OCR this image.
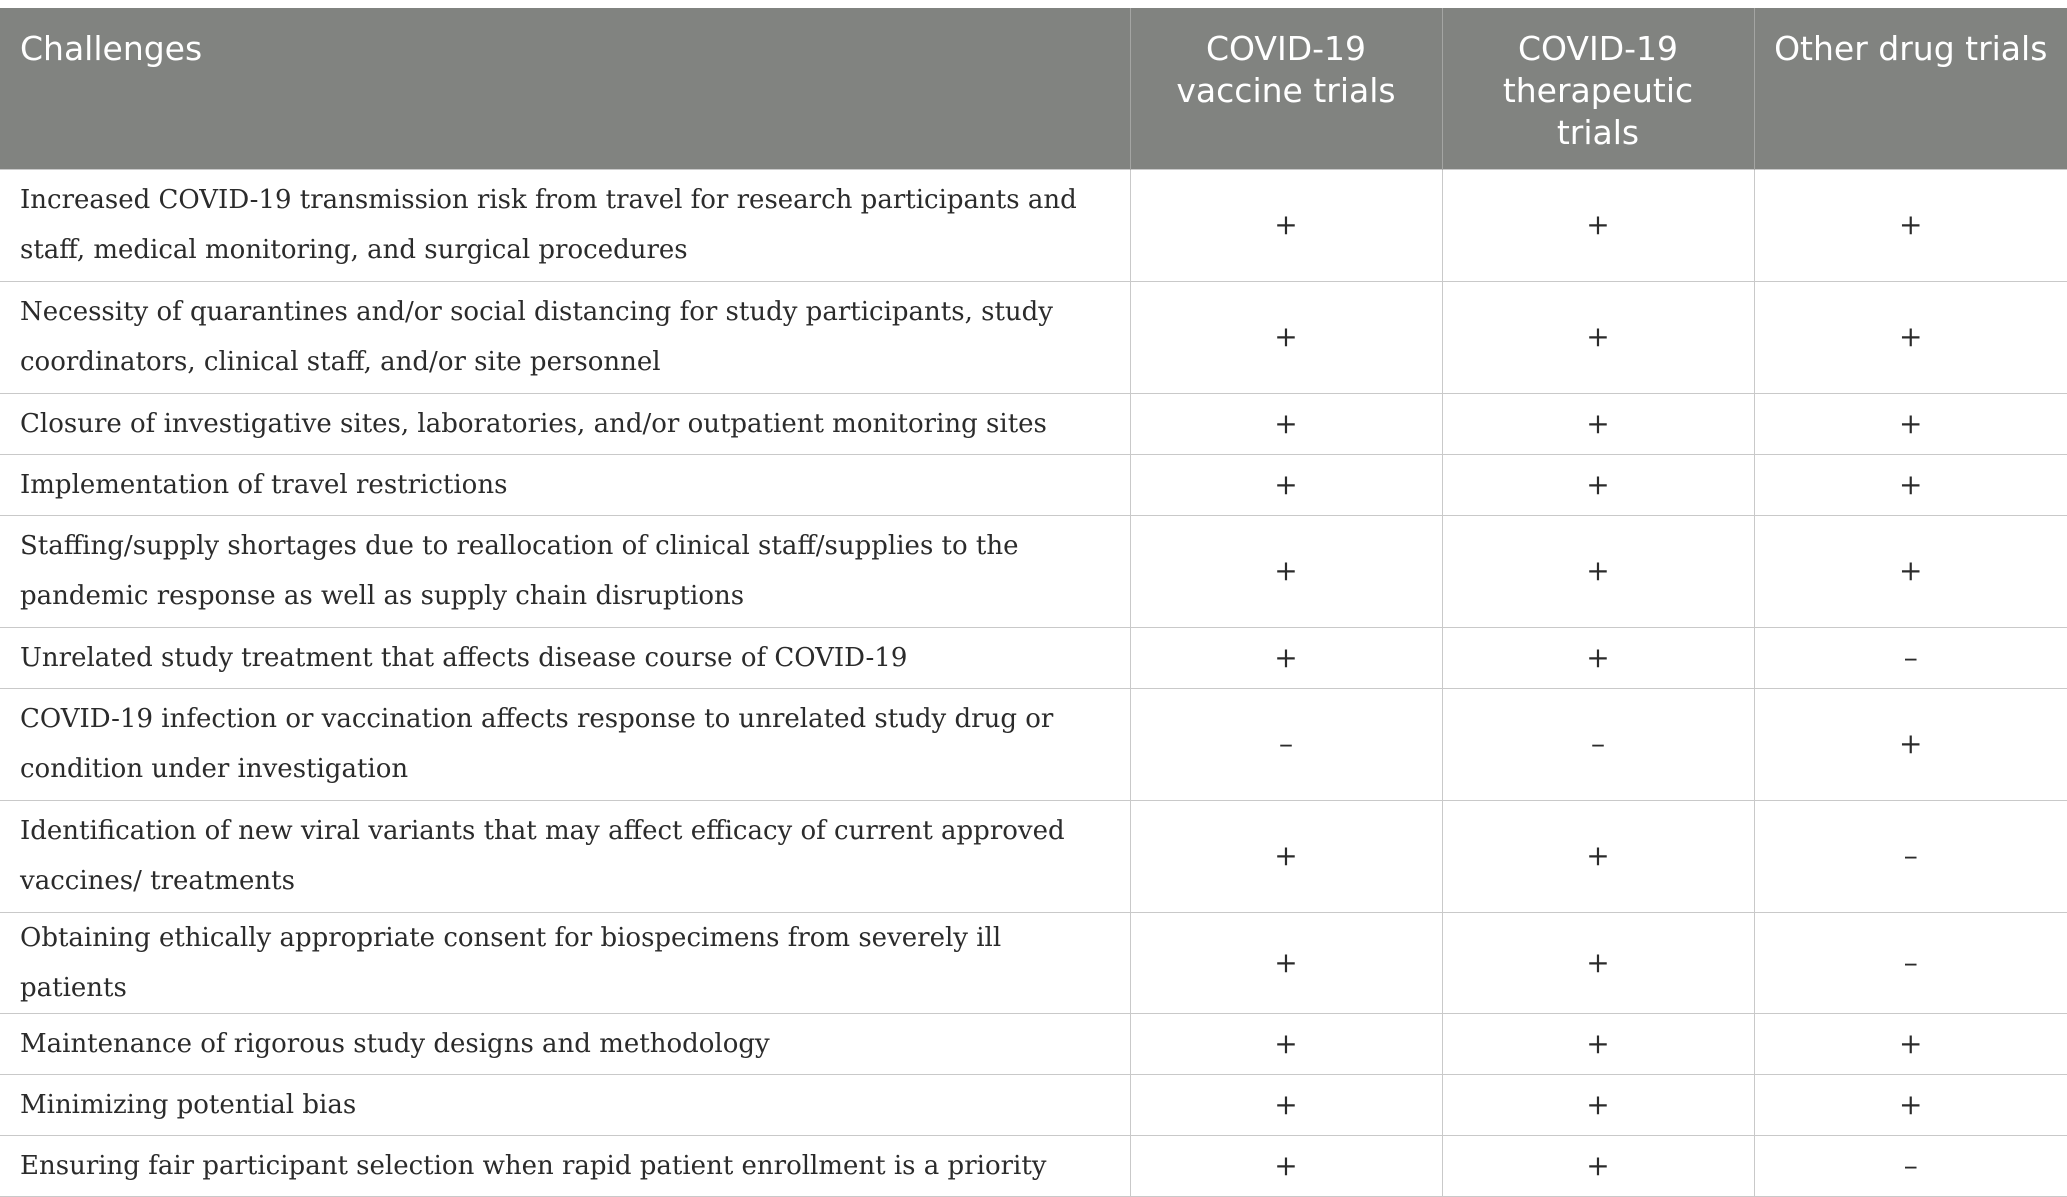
Challenges	COVID-19 vaccine trials	COVID-19 therapeutic trials	Other drug trials
Increased COVID-19 transmission risk from travel for research participants and staff, medical monitoring, and surgical procedures	+	+	+
Necessity of quarantines and/or social distancing for study participants, study coordinators, clinical staff, and/or site personnel	+	+	+
Closure of investigative sites, laboratories, and/or outpatient monitoring sites	+	+	+
Implementation of travel restrictions	+	+	+
Staffing/supply shortages due to reallocation of clinical staff/supplies to the pandemic response as well as supply chain disruptions	+	+	+
Unrelated study treatment that affects disease course of COVID-19	+	+	–
COVID-19 infection or vaccination affects response to unrelated study drug or condition under investigation	–	–	+
Identification of new viral variants that may affect efficacy of current approved vaccines/ treatments	+	+	–
Obtaining ethically appropriate consent for biospecimens from severely ill patients	+	+	–
Maintenance of rigorous study designs and methodology	+	+	+
Minimizing potential bias	+	+	+
Ensuring fair participant selection when rapid patient enrollment is a priority	+	+	–
